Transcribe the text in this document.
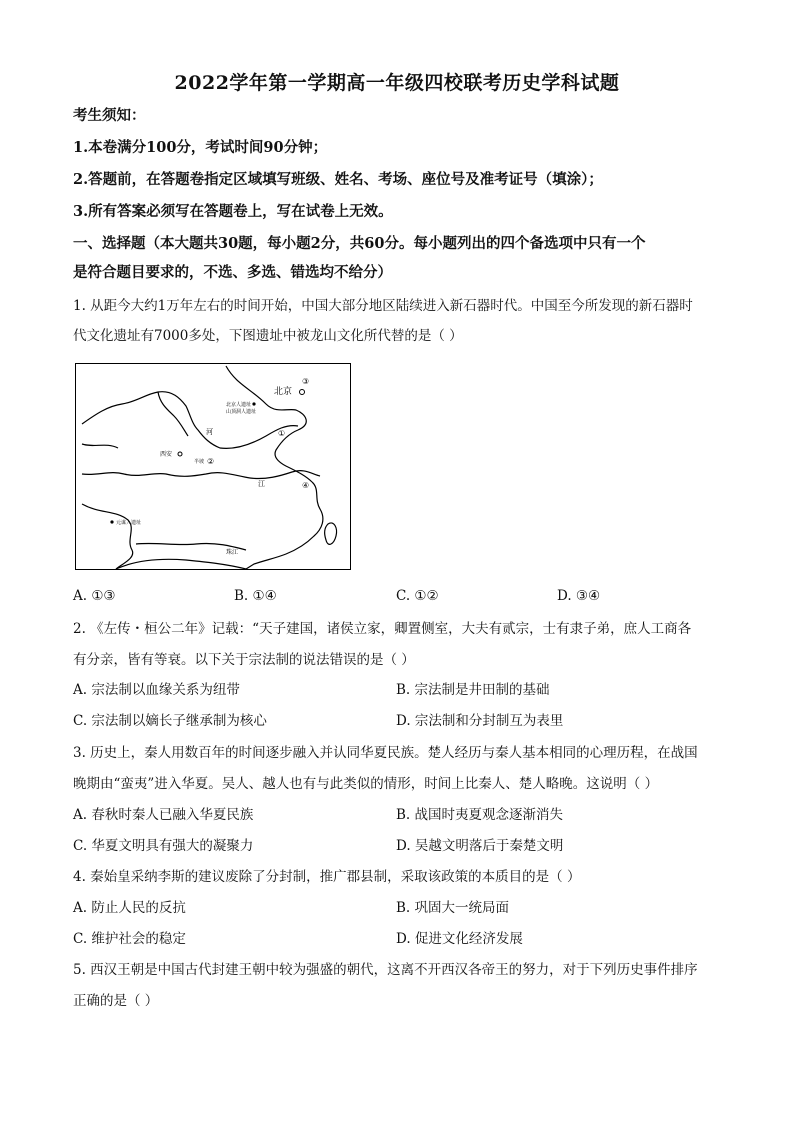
2022学年第一学期高一年级四校联考历史学科试题
考生须知：
1.本卷满分100分，考试时间90分钟；
2.答题前，在答题卷指定区域填写班级、姓名、考场、座位号及准考证号（填涂）；
3.所有答案必须写在答题卷上，写在试卷上无效。
一、选择题（本大题共30题，每小题2分，共60分。每小题列出的四个备选项中只有一个
是符合题目要求的，不选、多选、错选均不给分）
1. 从距今大约1万年左右的时间开始，中国大部分地区陆续进入新石器时代。中国至今所发现的新石器时
代文化遗址有7000多处，下图遗址中被龙山文化所代替的是（ ）
北京
北京人遗址
山顶洞人遗址
③
①
河
西安
半坡 ②
④
江
元谋人遗址
珠江
A. ①③	B. ①④	C. ①②	D. ③④
2. 《左传・桓公二年》记载：“天子建国，诸侯立家，卿置侧室，大夫有贰宗，士有隶子弟，庶人工商各
有分亲，皆有等衰。以下关于宗法制的说法错误的是（ ）
A. 宗法制以血缘关系为纽带	B. 宗法制是井田制的基础
C. 宗法制以嫡长子继承制为核心	D. 宗法制和分封制互为表里
3. 历史上，秦人用数百年的时间逐步融入并认同华夏民族。楚人经历与秦人基本相同的心理历程，在战国
晚期由“蛮夷”进入华夏。吴人、越人也有与此类似的情形，时间上比秦人、楚人略晚。这说明（ ）
A. 春秋时秦人已融入华夏民族	B. 战国时夷夏观念逐渐消失
C. 华夏文明具有强大的凝聚力	D. 吴越文明落后于秦楚文明
4. 秦始皇采纳李斯的建议废除了分封制，推广郡县制，采取该政策的本质目的是（ ）
A. 防止人民的反抗	B. 巩固大一统局面
C. 维护社会的稳定	D. 促进文化经济发展
5. 西汉王朝是中国古代封建王朝中较为强盛的朝代，这离不开西汉各帝王的努力，对于下列历史事件排序
正确的是（ ）
